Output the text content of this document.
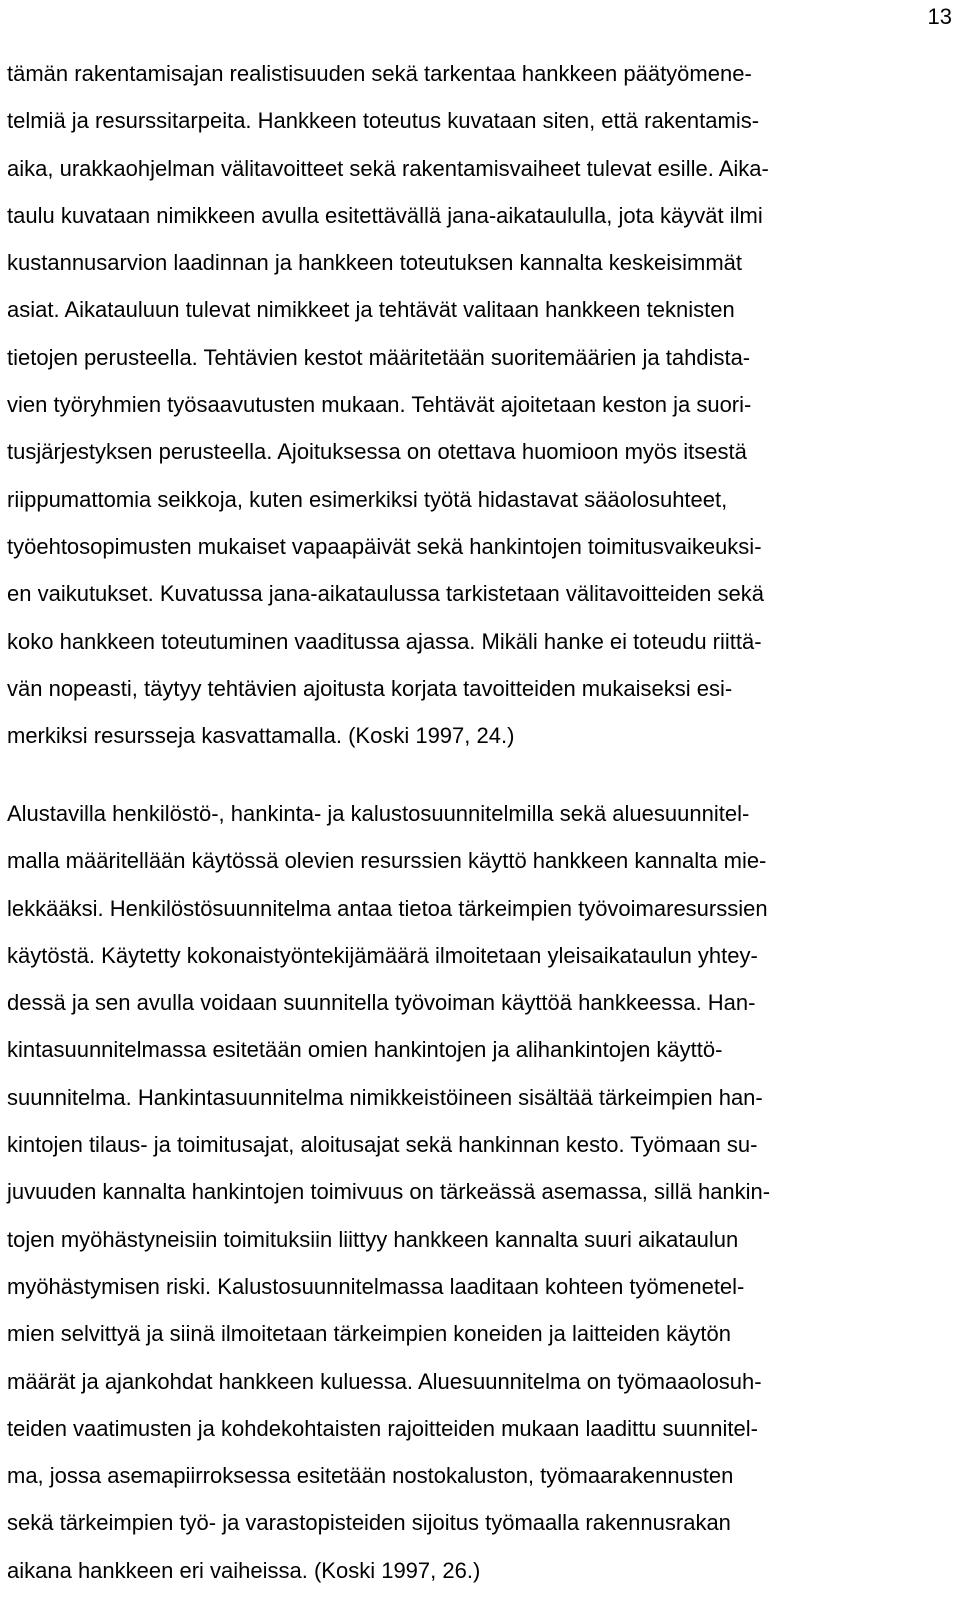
13
tämän rakentamisajan realistisuuden sekä tarkentaa hankkeen päätyömene-
telmiä ja resurssitarpeita. Hankkeen toteutus kuvataan siten, että rakentamis-
aika, urakkaohjelman välitavoitteet sekä rakentamisvaiheet tulevat esille. Aika-
taulu kuvataan nimikkeen avulla esitettävällä jana-aikataululla, jota käyvät ilmi
kustannusarvion laadinnan ja hankkeen toteutuksen kannalta keskeisimmät
asiat. Aikatauluun tulevat nimikkeet ja tehtävät valitaan hankkeen teknisten
tietojen perusteella. Tehtävien kestot määritetään suoritemäärien ja tahdista-
vien työryhmien työsaavutusten mukaan. Tehtävät ajoitetaan keston ja suori-
tusjärjestyksen perusteella. Ajoituksessa on otettava huomioon myös itsestä
riippumattomia seikkoja, kuten esimerkiksi työtä hidastavat sääolosuhteet,
työehtosopimusten mukaiset vapaapäivät sekä hankintojen toimitusvaikeuksi-
en vaikutukset. Kuvatussa jana-aikataulussa tarkistetaan välitavoitteiden sekä
koko hankkeen toteutuminen vaaditussa ajassa. Mikäli hanke ei toteudu riittä-
vän nopeasti, täytyy tehtävien ajoitusta korjata tavoitteiden mukaiseksi esi-
merkiksi resursseja kasvattamalla. (Koski 1997, 24.)
Alustavilla henkilöstö-, hankinta- ja kalustosuunnitelmilla sekä aluesuunnitel-
malla määritellään käytössä olevien resurssien käyttö hankkeen kannalta mie-
lekkääksi. Henkilöstösuunnitelma antaa tietoa tärkeimpien työvoimaresurssien
käytöstä. Käytetty kokonaistyöntekijämäärä ilmoitetaan yleisaikataulun yhtey-
dessä ja sen avulla voidaan suunnitella työvoiman käyttöä hankkeessa. Han-
kintasuunnitelmassa esitetään omien hankintojen ja alihankintojen käyttö-
suunnitelma. Hankintasuunnitelma nimikkeistöineen sisältää tärkeimpien han-
kintojen tilaus- ja toimitusajat, aloitusajat sekä hankinnan kesto. Työmaan su-
juvuuden kannalta hankintojen toimivuus on tärkeässä asemassa, sillä hankin-
tojen myöhästyneisiin toimituksiin liittyy hankkeen kannalta suuri aikataulun
myöhästymisen riski. Kalustosuunnitelmassa laaditaan kohteen työmenetel-
mien selvittyä ja siinä ilmoitetaan tärkeimpien koneiden ja laitteiden käytön
määrät ja ajankohdat hankkeen kuluessa. Aluesuunnitelma on työmaaolosuh-
teiden vaatimusten ja kohdekohtaisten rajoitteiden mukaan laadittu suunnitel-
ma, jossa asemapiirroksessa esitetään nostokaluston, työmaarakennusten
sekä tärkeimpien työ- ja varastopisteiden sijoitus työmaalla rakennusrakan
aikana hankkeen eri vaiheissa. (Koski 1997, 26.)
